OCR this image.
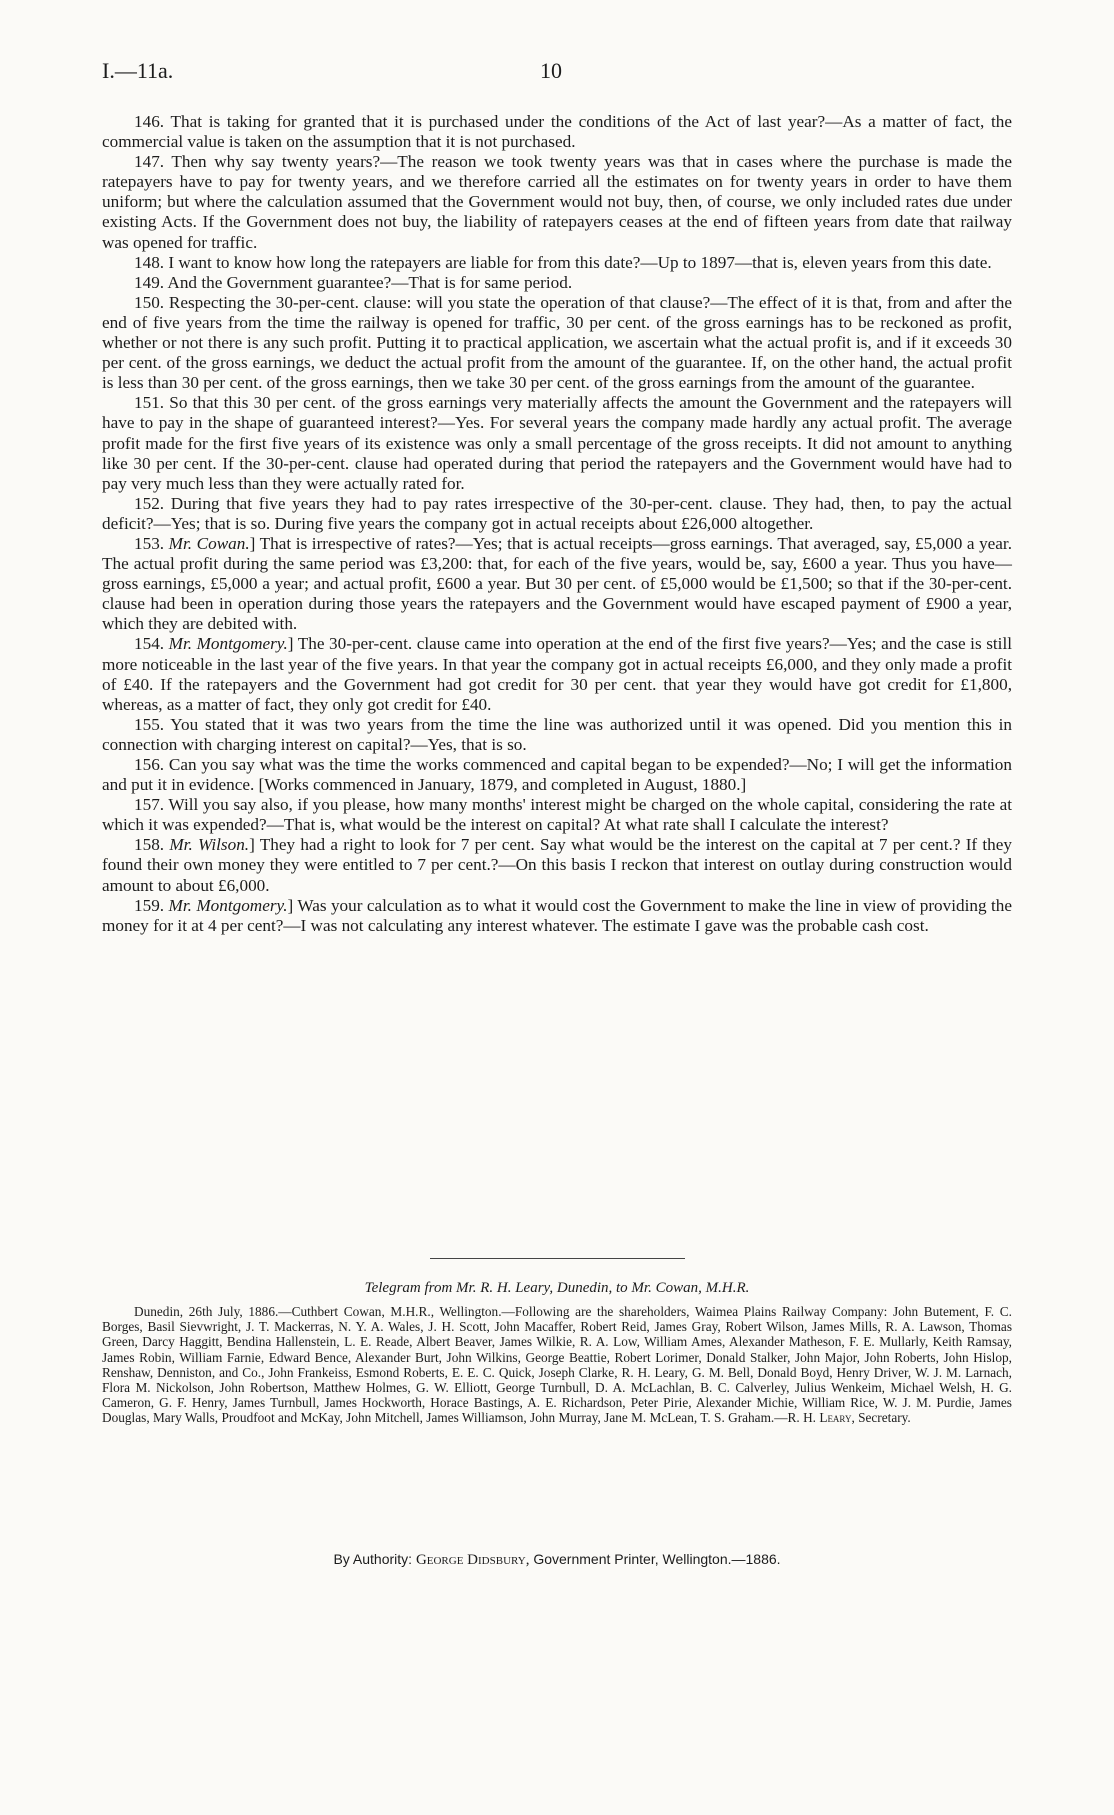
I.—11a.	10

146. That is taking for granted that it is purchased under the conditions of the Act of last year?—As a matter of fact, the commercial value is taken on the assumption that it is not purchased.

147. Then why say twenty years?—The reason we took twenty years was that in cases where the purchase is made the ratepayers have to pay for twenty years, and we therefore carried all the estimates on for twenty years in order to have them uniform; but where the calculation assumed that the Government would not buy, then, of course, we only included rates due under existing Acts. If the Government does not buy, the liability of ratepayers ceases at the end of fifteen years from date that railway was opened for traffic.

148. I want to know how long the ratepayers are liable for from this date?—Up to 1897—that is, eleven years from this date.

149. And the Government guarantee?—That is for same period.

150. Respecting the 30-per-cent. clause: will you state the operation of that clause?—The effect of it is that, from and after the end of five years from the time the railway is opened for traffic, 30 per cent. of the gross earnings has to be reckoned as profit, whether or not there is any such profit. Putting it to practical application, we ascertain what the actual profit is, and if it exceeds 30 per cent. of the gross earnings, we deduct the actual profit from the amount of the guarantee. If, on the other hand, the actual profit is less than 30 per cent. of the gross earnings, then we take 30 per cent. of the gross earnings from the amount of the guarantee.

151. So that this 30 per cent. of the gross earnings very materially affects the amount the Government and the ratepayers will have to pay in the shape of guaranteed interest?—Yes. For several years the company made hardly any actual profit. The average profit made for the first five years of its existence was only a small percentage of the gross receipts. It did not amount to anything like 30 per cent. If the 30-per-cent. clause had operated during that period the ratepayers and the Government would have had to pay very much less than they were actually rated for.

152. During that five years they had to pay rates irrespective of the 30-per-cent. clause. They had, then, to pay the actual deficit?—Yes; that is so. During five years the company got in actual receipts about £26,000 altogether.

153. Mr. Cowan.] That is irrespective of rates?—Yes; that is actual receipts—gross earnings. That averaged, say, £5,000 a year. The actual profit during the same period was £3,200: that, for each of the five years, would be, say, £600 a year. Thus you have—gross earnings, £5,000 a year; and actual profit, £600 a year. But 30 per cent. of £5,000 would be £1,500; so that if the 30-per-cent. clause had been in operation during those years the ratepayers and the Government would have escaped payment of £900 a year, which they are debited with.

154. Mr. Montgomery.] The 30-per-cent. clause came into operation at the end of the first five years?—Yes; and the case is still more noticeable in the last year of the five years. In that year the company got in actual receipts £6,000, and they only made a profit of £40. If the ratepayers and the Government had got credit for 30 per cent. that year they would have got credit for £1,800, whereas, as a matter of fact, they only got credit for £40.

155. You stated that it was two years from the time the line was authorized until it was opened. Did you mention this in connection with charging interest on capital?—Yes, that is so.

156. Can you say what was the time the works commenced and capital began to be expended?—No; I will get the information and put it in evidence. [Works commenced in January, 1879, and completed in August, 1880.]

157. Will you say also, if you please, how many months' interest might be charged on the whole capital, considering the rate at which it was expended?—That is, what would be the interest on capital? At what rate shall I calculate the interest?

158. Mr. Wilson.] They had a right to look for 7 per cent. Say what would be the interest on the capital at 7 per cent.? If they found their own money they were entitled to 7 per cent.?—On this basis I reckon that interest on outlay during construction would amount to about £6,000.

159. Mr. Montgomery.] Was your calculation as to what it would cost the Government to make the line in view of providing the money for it at 4 per cent?—I was not calculating any interest whatever. The estimate I gave was the probable cash cost.

Telegram from Mr. R. H. Leary, Dunedin, to Mr. Cowan, M.H.R.

Dunedin, 26th July, 1886.—Cuthbert Cowan, M.H.R., Wellington.—Following are the shareholders, Waimea Plains Railway Company: John Butement, F. C. Borges, Basil Sievwright, J. T. Mackerras, N. Y. A. Wales, J. H. Scott, John Macaffer, Robert Reid, James Gray, Robert Wilson, James Mills, R. A. Lawson, Thomas Green, Darcy Haggitt, Bendina Hallenstein, L. E. Reade, Albert Beaver, James Wilkie, R. A. Low, William Ames, Alexander Matheson, F. E. Mullarly, Keith Ramsay, James Robin, William Farnie, Edward Bence, Alexander Burt, John Wilkins, George Beattie, Robert Lorimer, Donald Stalker, John Major, John Roberts, John Hislop, Renshaw, Denniston, and Co., John Frankeiss, Esmond Roberts, E. E. C. Quick, Joseph Clarke, R. H. Leary, G. M. Bell, Donald Boyd, Henry Driver, W. J. M. Larnach, Flora M. Nickolson, John Robertson, Matthew Holmes, G. W. Elliott, George Turnbull, D. A. McLachlan, B. C. Calverley, Julius Wenkeim, Michael Welsh, H. G. Cameron, G. F. Henry, James Turnbull, James Hockworth, Horace Bastings, A. E. Richardson, Peter Pirie, Alexander Michie, William Rice, W. J. M. Purdie, James Douglas, Mary Walls, Proudfoot and McKay, John Mitchell, James Williamson, John Murray, Jane M. McLean, T. S. Graham.—R. H. Leary, Secretary.

By Authority: George Didsbury, Government Printer, Wellington.—1886.
